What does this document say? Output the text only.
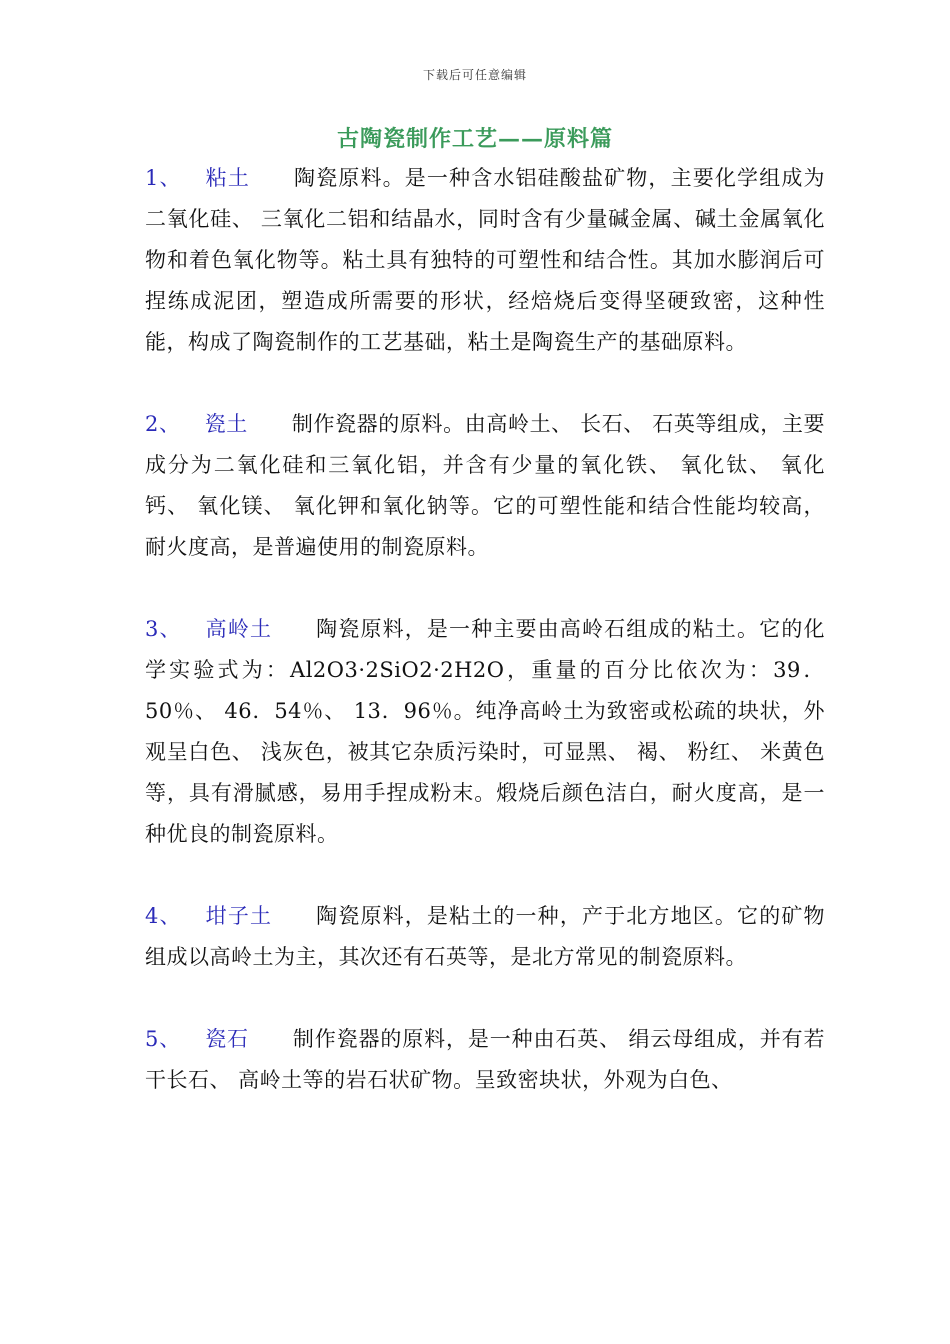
下载后可任意编辑
古陶瓷制作工艺——原料篇

1、 粘土 陶瓷原料。是一种含水铝硅酸盐矿物，主要化学组成为二氧化硅、 三氧化二铝和结晶水，同时含有少量碱金属、碱土金属氧化物和着色氧化物等。粘土具有独特的可塑性和结合性。其加水膨润后可捏练成泥团，塑造成所需要的形状，经焙烧后变得坚硬致密，这种性能，构成了陶瓷制作的工艺基础，粘土是陶瓷生产的基础原料。

2、 瓷土 制作瓷器的原料。由高岭土、 长石、 石英等组成，主要成分为二氧化硅和三氧化铝，并含有少量的氧化铁、 氧化钛、 氧化钙、 氧化镁、 氧化钾和氧化钠等。它的可塑性能和结合性能均较高，耐火度高，是普遍使用的制瓷原料。

3、 高岭土 陶瓷原料，是一种主要由高岭石组成的粘土。它的化学实验式为：Al2O3·2SiO2·2H2O，重量的百分比依次为：39．50％、 46．54％、 13．96％。纯净高岭土为致密或松疏的块状，外观呈白色、 浅灰色，被其它杂质污染时，可显黑、 褐、 粉红、 米黄色等，具有滑腻感，易用手捏成粉末。煅烧后颜色洁白，耐火度高，是一种优良的制瓷原料。

4、 坩子土 陶瓷原料，是粘土的一种，产于北方地区。它的矿物组成以高岭土为主，其次还有石英等，是北方常见的制瓷原料。

5、 瓷石 制作瓷器的原料，是一种由石英、 绢云母组成，并有若干长石、 高岭土等的岩石状矿物。呈致密块状，外观为白色、
